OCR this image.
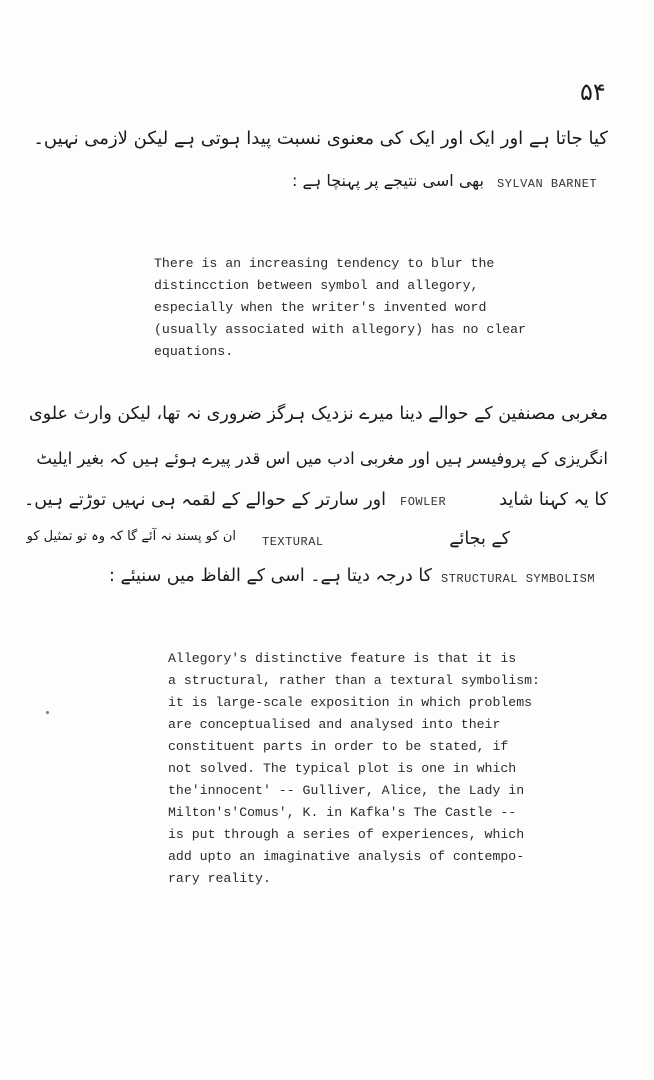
۵۴
کیا جاتا ہے اور ایک اور ایک کی معنوی نسبت پیدا ہوتی ہے لیکن لازمی نہیں۔
SYLVAN BARNET
بھی اسی نتیجے پر پہنچا ہے :
There is an increasing tendency to blur the
distincction between symbol and allegory,
especially when the writer's invented word
(usually associated with allegory) has no clear
equations.
مغربی مصنفین کے حوالے دینا میرے نزدیک ہرگز ضروری نہ تھا، لیکن وارث علوی
انگریزی کے پروفیسر ہیں اور مغربی ادب میں اس قدر پیرے ہوئے ہیں کہ بغیر ایلیٹ
کا یہ کہنا شاید
FOWLER
اور سارتر کے حوالے کے لقمہ ہی نہیں توڑتے ہیں۔
کے بجائے
TEXTURAL
ان کو پسند نہ آئے گا کہ وہ تو تمثیل کو
STRUCTURAL SYMBOLISM
کا درجہ دیتا ہے۔ اسی کے الفاظ میں سنیئے :
Allegory's distinctive feature is that it is
a structural, rather than a textural symbolism:
it is large-scale exposition in which problems
are conceptualised and analysed into their
constituent parts in order to be stated, if
not solved. The typical plot is one in which
the'innocent' -- Gulliver, Alice, the Lady in
Milton's'Comus', K. in Kafka's The Castle --
is put through a series of experiences, which
add upto an imaginative analysis of contempo-
rary reality.
